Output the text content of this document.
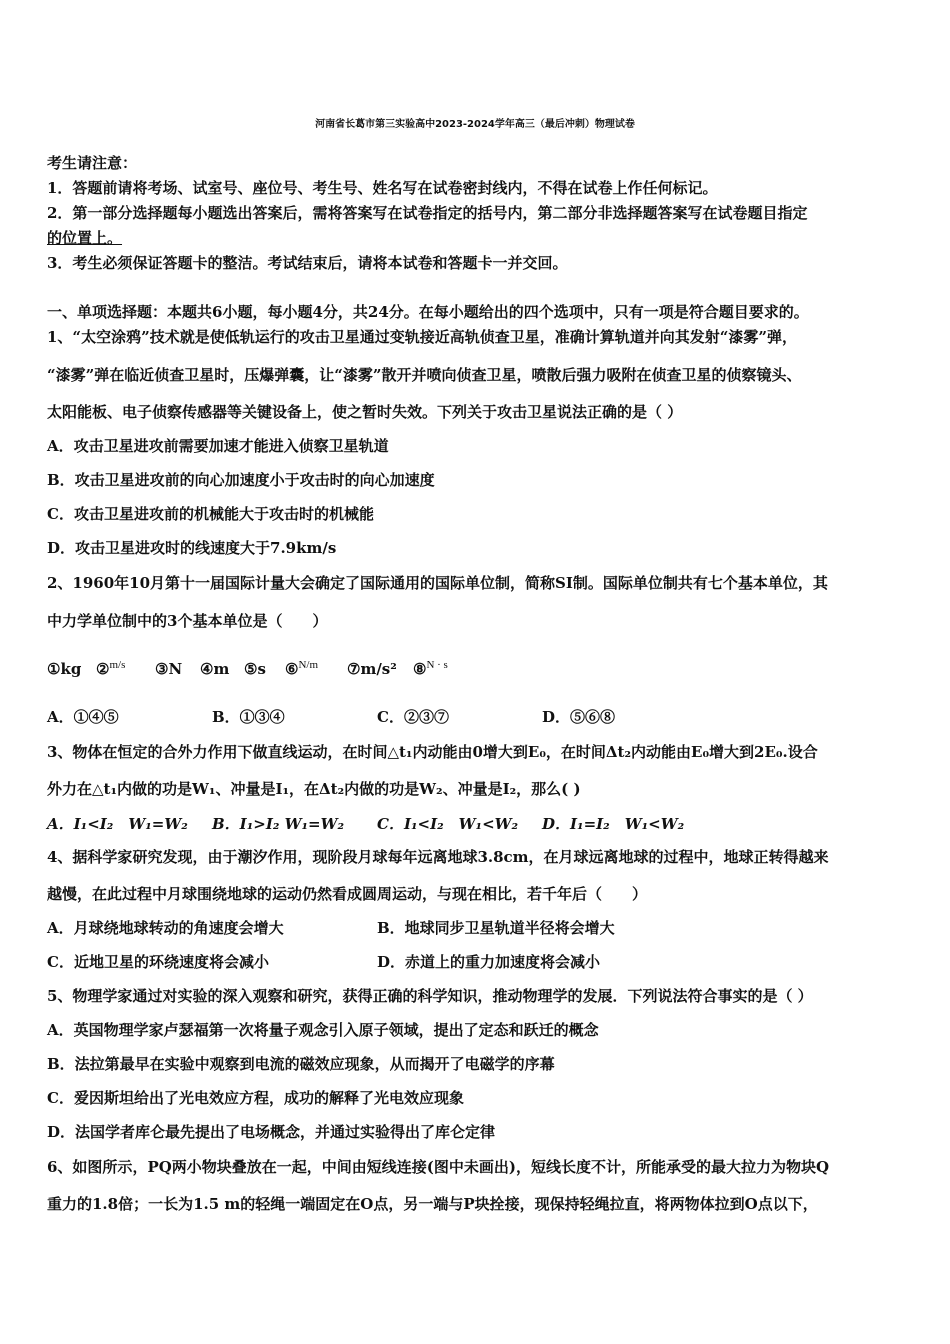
河南省长葛市第三实验高中2023-2024学年高三（最后冲刺）物理试卷
考生请注意：
1．答题前请将考场、试室号、座位号、考生号、姓名写在试卷密封线内，不得在试卷上作任何标记。
2．第一部分选择题每小题选出答案后，需将答案写在试卷指定的括号内，第二部分非选择题答案写在试卷题目指定
的位置上。
3．考生必须保证答题卡的整洁。考试结束后，请将本试卷和答题卡一并交回。
一、单项选择题：本题共6小题，每小题4分，共24分。在每小题给出的四个选项中，只有一项是符合题目要求的。
1、“太空涂鸦”技术就是使低轨运行的攻击卫星通过变轨接近高轨侦查卫星，准确计算轨道并向其发射“漆雾”弹，
“漆雾”弹在临近侦查卫星时，压爆弹囊，让“漆雾”散开并喷向侦查卫星，喷散后强力吸附在侦查卫星的侦察镜头、
太阳能板、电子侦察传感器等关键设备上，使之暂时失效。下列关于攻击卫星说法正确的是（ ）
A．攻击卫星进攻前需要加速才能进入侦察卫星轨道
B．攻击卫星进攻前的向心加速度小于攻击时的向心加速度
C．攻击卫星进攻前的机械能大于攻击时的机械能
D．攻击卫星进攻时的线速度大于7.9km/s
2、1960年10月第十一届国际计量大会确定了国际通用的国际单位制，简称SI制。国际单位制共有七个基本单位，其
中力学单位制中的3个基本单位是（　　）
①kg ②$^{m/s}$ ③N ④m ⑤s ⑥$^{N/m}$ ⑦m/s² ⑧$^{N \cdot s}$
A．①④⑤	B．①③④	C．②③⑦	D．⑤⑥⑧
3、物体在恒定的合外力作用下做直线运动，在时间△t₁内动能由0增大到E₀，在时间Δt₂内动能由E₀增大到2E₀.设合
外力在△t₁内做的功是W₁、冲量是I₁，在Δt₂内做的功是W₂、冲量是I₂，那么( )
A．I₁<I₂　W₁=W₂ B．I₁>I₂ W₁=W₂ C．I₁<I₂　W₁<W₂ D．I₁=I₂　W₁<W₂
4、据科学家研究发现，由于潮汐作用，现阶段月球每年远离地球3.8cm，在月球远离地球的过程中，地球正转得越来
越慢，在此过程中月球围绕地球的运动仍然看成圆周运动，与现在相比，若千年后（　　）
A．月球绕地球转动的角速度会增大	B．地球同步卫星轨道半径将会增大
C．近地卫星的环绕速度将会减小	D．赤道上的重力加速度将会减小
5、物理学家通过对实验的深入观察和研究，获得正确的科学知识，推动物理学的发展．下列说法符合事实的是（ ）
A．英国物理学家卢瑟福第一次将量子观念引入原子领域，提出了定态和跃迁的概念
B．法拉第最早在实验中观察到电流的磁效应现象，从而揭开了电磁学的序幕
C．爱因斯坦给出了光电效应方程，成功的解释了光电效应现象
D．法国学者库仑最先提出了电场概念，并通过实验得出了库仑定律
6、如图所示，PQ两小物块叠放在一起，中间由短线连接(图中未画出)，短线长度不计，所能承受的最大拉力为物块Q
重力的1.8倍；一长为1.5 m的轻绳一端固定在O点，另一端与P块拴接，现保持轻绳拉直，将两物体拉到O点以下，
